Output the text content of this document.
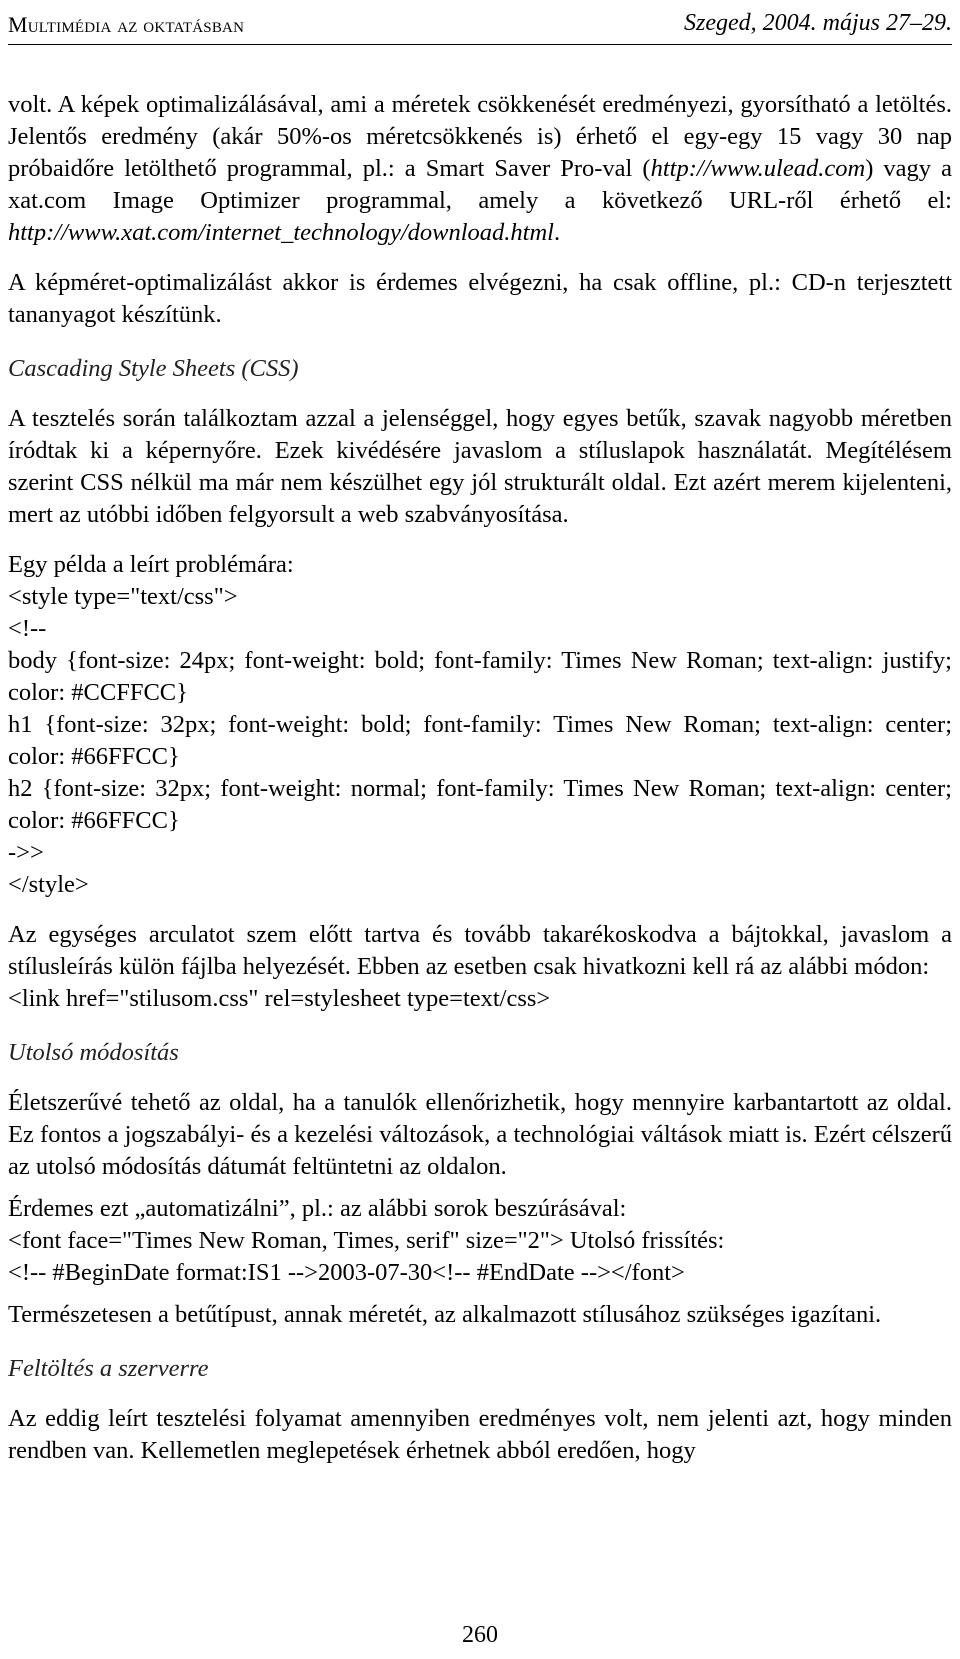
Multimédia az oktatásban	Szeged, 2004. május 27–29.

volt. A képek optimalizálásával, ami a méretek csökkenését eredményezi, gyorsítható a letöltés. Jelentős eredmény (akár 50%-os méretcsökkenés is) érhető el egy-egy 15 vagy 30 nap próbaidőre letölthető programmal, pl.: a Smart Saver Pro-val (http://www.ulead.com) vagy a xat.com Image Optimizer programmal, amely a következő URL-ről érhető el: http://www.xat.com/internet_technology/download.html.

A képméret-optimalizálást akkor is érdemes elvégezni, ha csak offline, pl.: CD-n terjesztett tananyagot készítünk.

Cascading Style Sheets (CSS)

A tesztelés során találkoztam azzal a jelenséggel, hogy egyes betűk, szavak nagyobb méretben íródtak ki a képernyőre. Ezek kivédésére javaslom a stíluslapok használatát. Megítélésem szerint CSS nélkül ma már nem készülhet egy jól strukturált oldal. Ezt azért merem kijelenteni, mert az utóbbi időben felgyorsult a web szabványosítása.

Egy példa a leírt problémára:

<style type="text/css">

<!--

body {font-size: 24px; font-weight: bold; font-family: Times New Roman; text-align: justify; color: #CCFFCC}

h1 {font-size: 32px; font-weight: bold; font-family: Times New Roman; text-align: center; color: #66FFCC}

h2 {font-size: 32px; font-weight: normal; font-family: Times New Roman; text-align: center; color: #66FFCC}

->>

</style>

Az egységes arculatot szem előtt tartva és tovább takarékoskodva a bájtokkal, javaslom a stílusleírás külön fájlba helyezését. Ebben az esetben csak hivatkozni kell rá az alábbi módon:

<link href="stilusom.css" rel=stylesheet type=text/css>

Utolsó módosítás

Életszerűvé tehető az oldal, ha a tanulók ellenőrizhetik, hogy mennyire karbantartott az oldal. Ez fontos a jogszabályi- és a kezelési változások, a technológiai váltások miatt is. Ezért célszerű az utolsó módosítás dátumát feltüntetni az oldalon.

Érdemes ezt „automatizálni”, pl.: az alábbi sorok beszúrásával:

<font face="Times New Roman, Times, serif" size="2"> Utolsó frissítés:

<!-- #BeginDate format:IS1 -->2003-07-30<!-- #EndDate --></font>

Természetesen a betűtípust, annak méretét, az alkalmazott stílusához szükséges igazítani.

Feltöltés a szerverre

Az eddig leírt tesztelési folyamat amennyiben eredményes volt, nem jelenti azt, hogy minden rendben van. Kellemetlen meglepetések érhetnek abból eredően, hogy

260
